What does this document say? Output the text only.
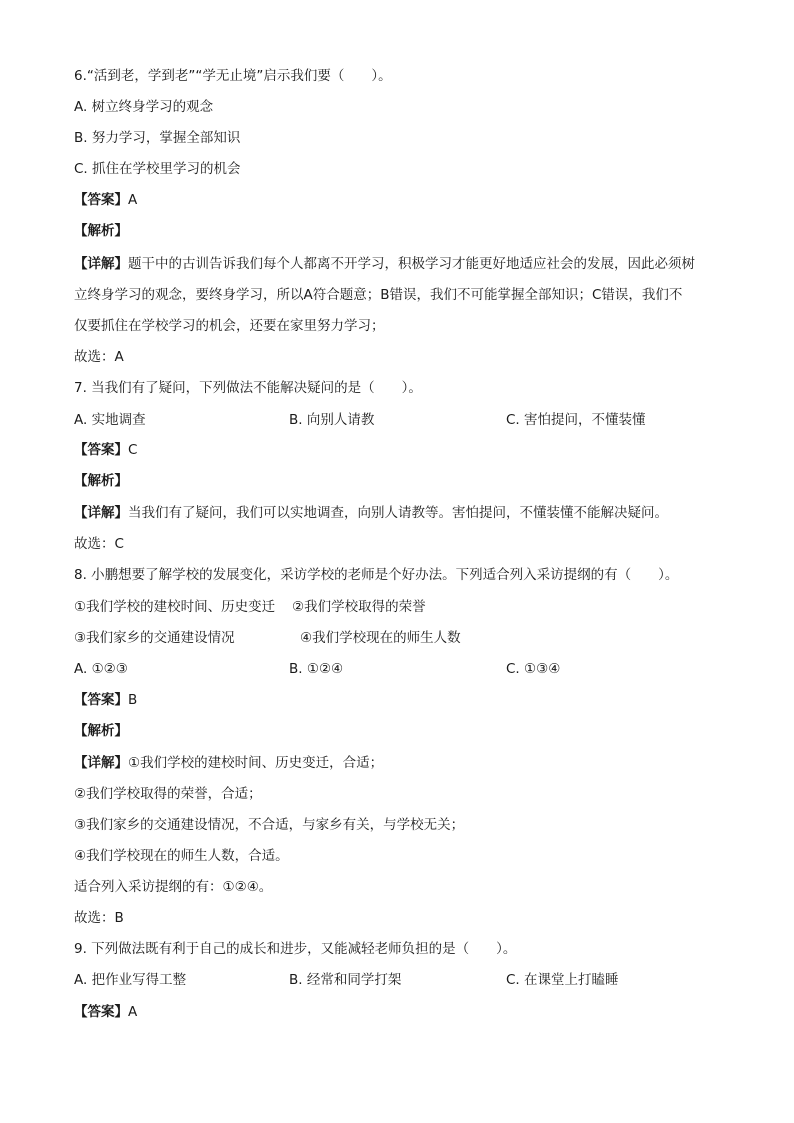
6.“活到老，学到老”“学无止境”启示我们要（　　）。
A. 树立终身学习的观念
B. 努力学习，掌握全部知识
C. 抓住在学校里学习的机会
【答案】A
【解析】
【详解】题干中的古训告诉我们每个人都离不开学习，积极学习才能更好地适应社会的发展，因此必须树
立终身学习的观念，要终身学习，所以A符合题意；B错误，我们不可能掌握全部知识；C错误，我们不
仅要抓住在学校学习的机会，还要在家里努力学习；
故选：A
7. 当我们有了疑问，下列做法不能解决疑问的是（　　）。
A. 实地调查	B. 向别人请教	C. 害怕提问，不懂装懂
【答案】C
【解析】
【详解】当我们有了疑问，我们可以实地调查，向别人请教等。害怕提问，不懂装懂不能解决疑问。
故选：C
8. 小鹏想要了解学校的发展变化，采访学校的老师是个好办法。下列适合列入采访提纲的有（　　）。
①我们学校的建校时间、历史变迁 ②我们学校取得的荣誉
③我们家乡的交通建设情况	④我们学校现在的师生人数
A. ①②③	B. ①②④	C. ①③④
【答案】B
【解析】
【详解】①我们学校的建校时间、历史变迁，合适；
②我们学校取得的荣誉，合适；
③我们家乡的交通建设情况，不合适，与家乡有关，与学校无关；
④我们学校现在的师生人数，合适。
适合列入采访提纲的有：①②④。
故选：B
9. 下列做法既有利于自己的成长和进步，又能减轻老师负担的是（　　）。
A. 把作业写得工整	B. 经常和同学打架	C. 在课堂上打瞌睡
【答案】A
